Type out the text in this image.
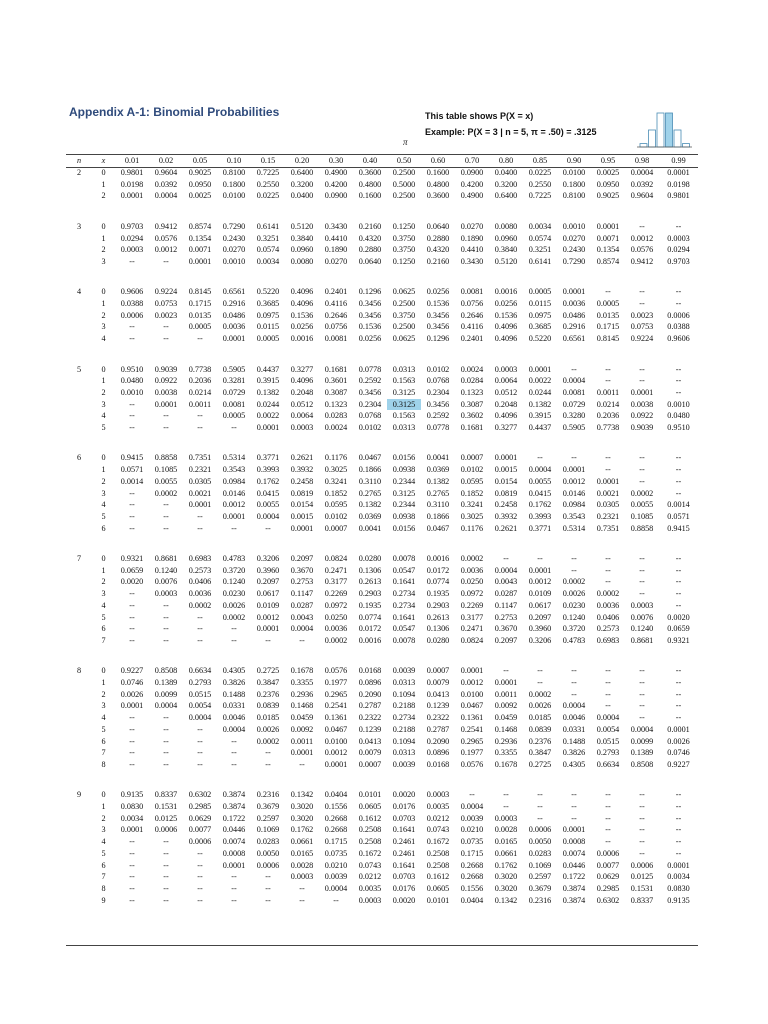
Appendix A-1: Binomial Probabilities	This table shows P(X = x)
Example: P(X = 3 | n = 5, π = .50) = .3125
π
n	x	0.01	0.02	0.05	0.10	0.15	0.20	0.30	0.40	0.50	0.60	0.70	0.80	0.85	0.90	0.95	0.98	0.99
2	0	0.9801	0.9604	0.9025	0.8100	0.7225	0.6400	0.4900	0.3600	0.2500	0.1600	0.0900	0.0400	0.0225	0.0100	0.0025	0.0004	0.0001
	1	0.0198	0.0392	0.0950	0.1800	0.2550	0.3200	0.4200	0.4800	0.5000	0.4800	0.4200	0.3200	0.2550	0.1800	0.0950	0.0392	0.0198
	2	0.0001	0.0004	0.0025	0.0100	0.0225	0.0400	0.0900	0.1600	0.2500	0.3600	0.4900	0.6400	0.7225	0.8100	0.9025	0.9604	0.9801

3	0	0.9703	0.9412	0.8574	0.7290	0.6141	0.5120	0.3430	0.2160	0.1250	0.0640	0.0270	0.0080	0.0034	0.0010	0.0001	--	--
	1	0.0294	0.0576	0.1354	0.2430	0.3251	0.3840	0.4410	0.4320	0.3750	0.2880	0.1890	0.0960	0.0574	0.0270	0.0071	0.0012	0.0003
	2	0.0003	0.0012	0.0071	0.0270	0.0574	0.0960	0.1890	0.2880	0.3750	0.4320	0.4410	0.3840	0.3251	0.2430	0.1354	0.0576	0.0294
	3	--	--	0.0001	0.0010	0.0034	0.0080	0.0270	0.0640	0.1250	0.2160	0.3430	0.5120	0.6141	0.7290	0.8574	0.9412	0.9703

4	0	0.9606	0.9224	0.8145	0.6561	0.5220	0.4096	0.2401	0.1296	0.0625	0.0256	0.0081	0.0016	0.0005	0.0001	--	--	--
	1	0.0388	0.0753	0.1715	0.2916	0.3685	0.4096	0.4116	0.3456	0.2500	0.1536	0.0756	0.0256	0.0115	0.0036	0.0005	--	--
	2	0.0006	0.0023	0.0135	0.0486	0.0975	0.1536	0.2646	0.3456	0.3750	0.3456	0.2646	0.1536	0.0975	0.0486	0.0135	0.0023	0.0006
	3	--	--	0.0005	0.0036	0.0115	0.0256	0.0756	0.1536	0.2500	0.3456	0.4116	0.4096	0.3685	0.2916	0.1715	0.0753	0.0388
	4	--	--	--	0.0001	0.0005	0.0016	0.0081	0.0256	0.0625	0.1296	0.2401	0.4096	0.5220	0.6561	0.8145	0.9224	0.9606

5	0	0.9510	0.9039	0.7738	0.5905	0.4437	0.3277	0.1681	0.0778	0.0313	0.0102	0.0024	0.0003	0.0001	--	--	--	--
	1	0.0480	0.0922	0.2036	0.3281	0.3915	0.4096	0.3601	0.2592	0.1563	0.0768	0.0284	0.0064	0.0022	0.0004	--	--	--
	2	0.0010	0.0038	0.0214	0.0729	0.1382	0.2048	0.3087	0.3456	0.3125	0.2304	0.1323	0.0512	0.0244	0.0081	0.0011	0.0001	--
	3	--	0.0001	0.0011	0.0081	0.0244	0.0512	0.1323	0.2304	0.3125	0.3456	0.3087	0.2048	0.1382	0.0729	0.0214	0.0038	0.0010
	4	--	--	--	0.0005	0.0022	0.0064	0.0283	0.0768	0.1563	0.2592	0.3602	0.4096	0.3915	0.3280	0.2036	0.0922	0.0480
	5	--	--	--	--	0.0001	0.0003	0.0024	0.0102	0.0313	0.0778	0.1681	0.3277	0.4437	0.5905	0.7738	0.9039	0.9510

6	0	0.9415	0.8858	0.7351	0.5314	0.3771	0.2621	0.1176	0.0467	0.0156	0.0041	0.0007	0.0001	--	--	--	--	--
	1	0.0571	0.1085	0.2321	0.3543	0.3993	0.3932	0.3025	0.1866	0.0938	0.0369	0.0102	0.0015	0.0004	0.0001	--	--	--
	2	0.0014	0.0055	0.0305	0.0984	0.1762	0.2458	0.3241	0.3110	0.2344	0.1382	0.0595	0.0154	0.0055	0.0012	0.0001	--	--
	3	--	0.0002	0.0021	0.0146	0.0415	0.0819	0.1852	0.2765	0.3125	0.2765	0.1852	0.0819	0.0415	0.0146	0.0021	0.0002	--
	4	--	--	0.0001	0.0012	0.0055	0.0154	0.0595	0.1382	0.2344	0.3110	0.3241	0.2458	0.1762	0.0984	0.0305	0.0055	0.0014
	5	--	--	--	0.0001	0.0004	0.0015	0.0102	0.0369	0.0938	0.1866	0.3025	0.3932	0.3993	0.3543	0.2321	0.1085	0.0571
	6	--	--	--	--	--	0.0001	0.0007	0.0041	0.0156	0.0467	0.1176	0.2621	0.3771	0.5314	0.7351	0.8858	0.9415

7	0	0.9321	0.8681	0.6983	0.4783	0.3206	0.2097	0.0824	0.0280	0.0078	0.0016	0.0002	--	--	--	--	--	--
	1	0.0659	0.1240	0.2573	0.3720	0.3960	0.3670	0.2471	0.1306	0.0547	0.0172	0.0036	0.0004	0.0001	--	--	--	--
	2	0.0020	0.0076	0.0406	0.1240	0.2097	0.2753	0.3177	0.2613	0.1641	0.0774	0.0250	0.0043	0.0012	0.0002	--	--	--
	3	--	0.0003	0.0036	0.0230	0.0617	0.1147	0.2269	0.2903	0.2734	0.1935	0.0972	0.0287	0.0109	0.0026	0.0002	--	--
	4	--	--	0.0002	0.0026	0.0109	0.0287	0.0972	0.1935	0.2734	0.2903	0.2269	0.1147	0.0617	0.0230	0.0036	0.0003	--
	5	--	--	--	0.0002	0.0012	0.0043	0.0250	0.0774	0.1641	0.2613	0.3177	0.2753	0.2097	0.1240	0.0406	0.0076	0.0020
	6	--	--	--	--	0.0001	0.0004	0.0036	0.0172	0.0547	0.1306	0.2471	0.3670	0.3960	0.3720	0.2573	0.1240	0.0659
	7	--	--	--	--	--	--	0.0002	0.0016	0.0078	0.0280	0.0824	0.2097	0.3206	0.4783	0.6983	0.8681	0.9321

8	0	0.9227	0.8508	0.6634	0.4305	0.2725	0.1678	0.0576	0.0168	0.0039	0.0007	0.0001	--	--	--	--	--	--
	1	0.0746	0.1389	0.2793	0.3826	0.3847	0.3355	0.1977	0.0896	0.0313	0.0079	0.0012	0.0001	--	--	--	--	--
	2	0.0026	0.0099	0.0515	0.1488	0.2376	0.2936	0.2965	0.2090	0.1094	0.0413	0.0100	0.0011	0.0002	--	--	--	--
	3	0.0001	0.0004	0.0054	0.0331	0.0839	0.1468	0.2541	0.2787	0.2188	0.1239	0.0467	0.0092	0.0026	0.0004	--	--	--
	4	--	--	0.0004	0.0046	0.0185	0.0459	0.1361	0.2322	0.2734	0.2322	0.1361	0.0459	0.0185	0.0046	0.0004	--	--
	5	--	--	--	0.0004	0.0026	0.0092	0.0467	0.1239	0.2188	0.2787	0.2541	0.1468	0.0839	0.0331	0.0054	0.0004	0.0001
	6	--	--	--	--	0.0002	0.0011	0.0100	0.0413	0.1094	0.2090	0.2965	0.2936	0.2376	0.1488	0.0515	0.0099	0.0026
	7	--	--	--	--	--	0.0001	0.0012	0.0079	0.0313	0.0896	0.1977	0.3355	0.3847	0.3826	0.2793	0.1389	0.0746
	8	--	--	--	--	--	--	0.0001	0.0007	0.0039	0.0168	0.0576	0.1678	0.2725	0.4305	0.6634	0.8508	0.9227

9	0	0.9135	0.8337	0.6302	0.3874	0.2316	0.1342	0.0404	0.0101	0.0020	0.0003	--	--	--	--	--	--	--
	1	0.0830	0.1531	0.2985	0.3874	0.3679	0.3020	0.1556	0.0605	0.0176	0.0035	0.0004	--	--	--	--	--	--
	2	0.0034	0.0125	0.0629	0.1722	0.2597	0.3020	0.2668	0.1612	0.0703	0.0212	0.0039	0.0003	--	--	--	--	--
	3	0.0001	0.0006	0.0077	0.0446	0.1069	0.1762	0.2668	0.2508	0.1641	0.0743	0.0210	0.0028	0.0006	0.0001	--	--	--
	4	--	--	0.0006	0.0074	0.0283	0.0661	0.1715	0.2508	0.2461	0.1672	0.0735	0.0165	0.0050	0.0008	--	--	--
	5	--	--	--	0.0008	0.0050	0.0165	0.0735	0.1672	0.2461	0.2508	0.1715	0.0661	0.0283	0.0074	0.0006	--	--
	6	--	--	--	0.0001	0.0006	0.0028	0.0210	0.0743	0.1641	0.2508	0.2668	0.1762	0.1069	0.0446	0.0077	0.0006	0.0001
	7	--	--	--	--	--	0.0003	0.0039	0.0212	0.0703	0.1612	0.2668	0.3020	0.2597	0.1722	0.0629	0.0125	0.0034
	8	--	--	--	--	--	--	0.0004	0.0035	0.0176	0.0605	0.1556	0.3020	0.3679	0.3874	0.2985	0.1531	0.0830
	9	--	--	--	--	--	--	--	0.0003	0.0020	0.0101	0.0404	0.1342	0.2316	0.3874	0.6302	0.8337	0.9135
